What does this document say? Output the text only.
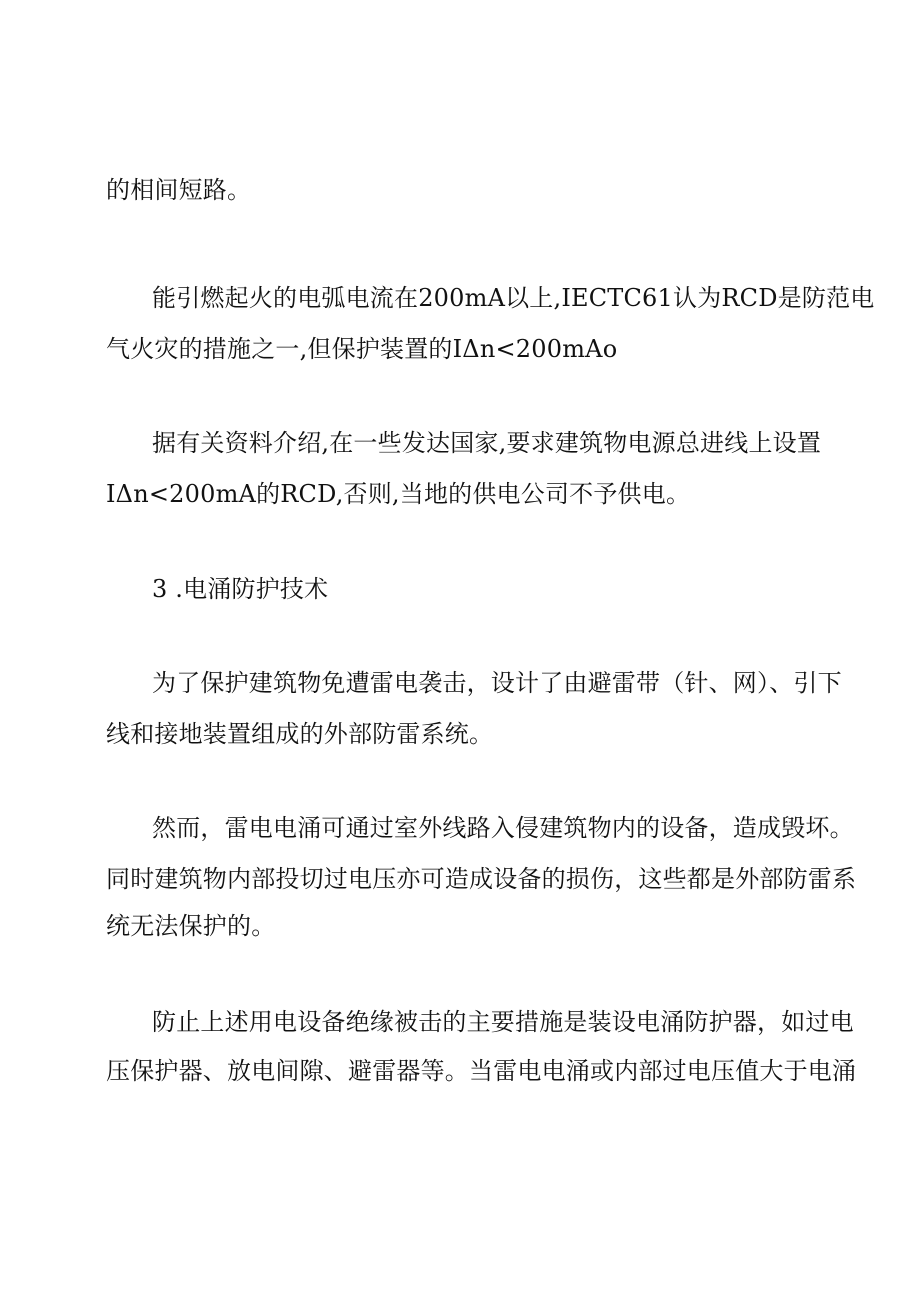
的相间短路。
能引燃起火的电弧电流在200mA以上,IECTC61认为RCD是防范电
气火灾的措施之一,但保护装置的IΔn<200mAo
据有关资料介绍,在一些发达国家,要求建筑物电源总进线上设置
IΔn<200mA的RCD,否则,当地的供电公司不予供电。
3 .电涌防护技术
为了保护建筑物免遭雷电袭击，设计了由避雷带（针、网）、引下
线和接地装置组成的外部防雷系统。
然而，雷电电涌可通过室外线路入侵建筑物内的设备，造成毁坏。
同时建筑物内部投切过电压亦可造成设备的损伤，这些都是外部防雷系
统无法保护的。
防止上述用电设备绝缘被击的主要措施是装设电涌防护器，如过电
压保护器、放电间隙、避雷器等。当雷电电涌或内部过电压值大于电涌
